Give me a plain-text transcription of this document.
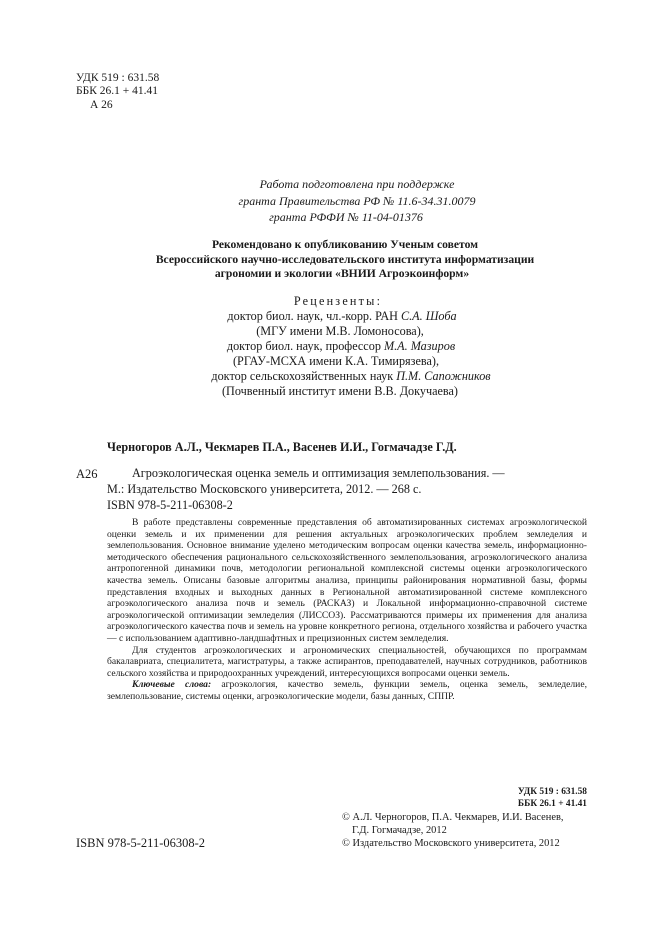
УДК 519 : 631.58
ББК 26.1 + 41.41
А 26
Работа подготовлена при поддержке
гранта Правительства РФ № 11.6-34.31.0079
гранта РФФИ № 11-04-01376
Рекомендовано к опубликованию Ученым советом
Всероссийского научно-исследовательского института информатизации
агрономии и экологии «ВНИИ Агроэкоинформ»
Рецензенты:
доктор биол. наук, чл.-корр. РАН С.А. Шоба
(МГУ имени М.В. Ломоносова),
доктор биол. наук, профессор М.А. Мазиров
(РГАУ-МСХА имени К.А. Тимирязева),
доктор сельскохозяйственных наук П.М. Сапожников
(Почвенный институт имени В.В. Докучаева)
Черногоров А.Л., Чекмарев П.А., Васенев И.И., Гогмачадзе Г.Д.
А26	Агроэкологическая оценка земель и оптимизация землепользования. —
М.: Издательство Московского университета, 2012. — 268 с.
ISBN 978-5-211-06308-2

В работе представлены современные представления об автоматизированных системах агроэкологической оценки земель и их применении для решения актуальных агроэкологических проблем земледелия и землепользования. Основное внимание уделено методическим вопросам оценки качества земель, информационно-методического обеспечения рационального сельскохозяйственного землепользования, агроэкологического анализа антропогенной динамики почв, методологии региональной комплексной системы оценки агроэкологического качества земель. Описаны базовые алгоритмы анализа, принципы районирования нормативной базы, формы представления входных и выходных данных в Региональной автоматизированной системе комплексного агроэкологического анализа почв и земель (РАСКАЗ) и Локальной информационно-справочной системе агроэкологической оптимизации земледелия (ЛИССОЗ). Рассматриваются примеры их применения для анализа агроэкологического качества почв и земель на уровне конкретного региона, отдельного хозяйства и рабочего участка — с использованием адаптивно-ландшафтных и прецизионных систем земледелия.

Для студентов агроэкологических и агрономических специальностей, обучающихся по программам бакалавриата, специалитета, магистратуры, а также аспирантов, преподавателей, научных сотрудников, работников сельского хозяйства и природоохранных учреждений, интересующихся вопросами оценки земель.

Ключевые слова: агроэкология, качество земель, функции земель, оценка земель, земледелие, землепользование, системы оценки, агроэкологические модели, базы данных, СППР.

УДК 519 : 631.58
ББК 26.1 + 41.41
ISBN 978-5-211-06308-2
© А.Л. Черногоров, П.А. Чекмарев, И.И. Васенев,
Г.Д. Гогмачадзе, 2012
© Издательство Московского университета, 2012
